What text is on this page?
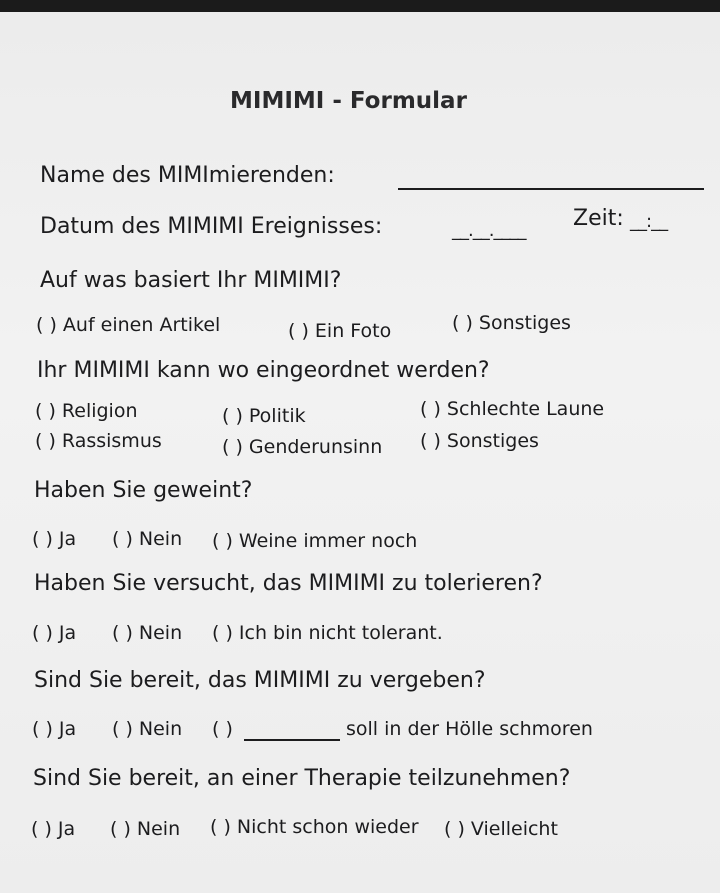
MIMIMI - Formular
Name des MIMImierenden:
Datum des MIMIMI Ereignisses:	__.__.____ Zeit: __:__
Auf was basiert Ihr MIMIMI?
( ) Auf einen Artikel	( ) Ein Foto	( ) Sonstiges
Ihr MIMIMI kann wo eingeordnet werden?
( ) Religion	( ) Politik	( ) Schlechte Laune
( ) Rassismus	( ) Genderunsinn ( ) Sonstiges
Haben Sie geweint?
( ) Ja ( ) Nein ( ) Weine immer noch
Haben Sie versucht, das MIMIMI zu tolerieren?
( ) Ja ( ) Nein ( ) Ich bin nicht tolerant.
Sind Sie bereit, das MIMIMI zu vergeben?
( ) Ja ( ) Nein ( )	soll in der Hölle schmoren
Sind Sie bereit, an einer Therapie teilzunehmen?
( ) Ja ( ) Nein ( ) Nicht schon wieder ( ) Vielleicht
